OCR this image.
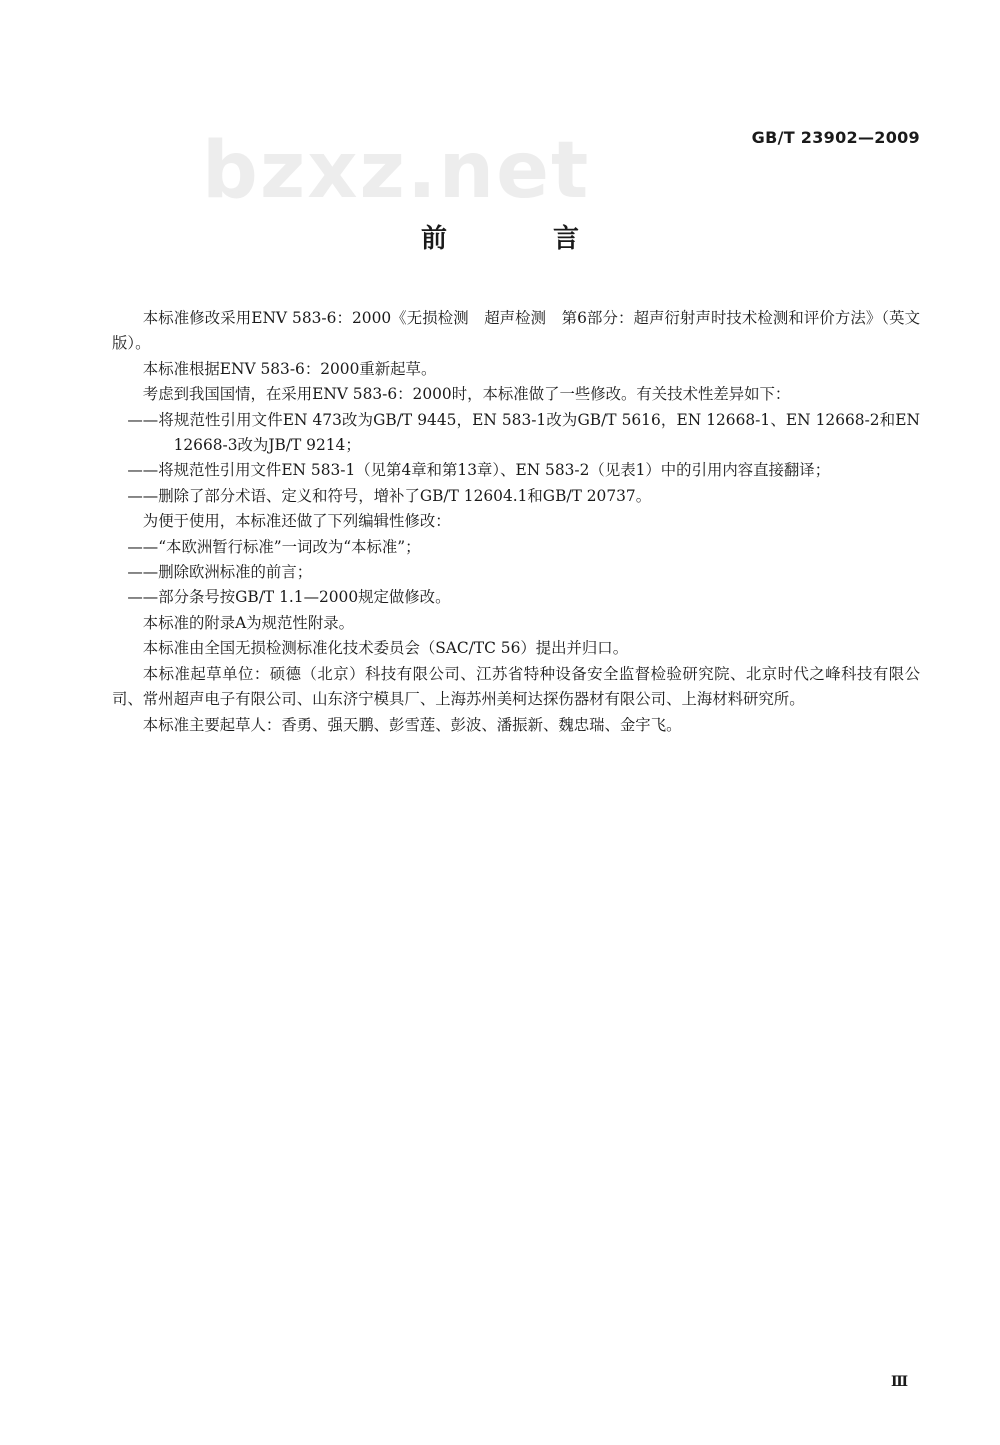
bzxz.net	GB/T 23902—2009
前　言

本标准修改采用ENV 583-6：2000《无损检测　超声检测　第6部分：超声衍射声时技术检测和评价方法》（英文版）。

本标准根据ENV 583-6：2000重新起草。

考虑到我国国情，在采用ENV 583-6：2000时，本标准做了一些修改。有关技术性差异如下：

——将规范性引用文件EN 473改为GB/T 9445，EN 583-1改为GB/T 5616，EN 12668-1、EN 12668-2和EN 12668-3改为JB/T 9214；

——将规范性引用文件EN 583-1（见第4章和第13章）、EN 583-2（见表1）中的引用内容直接翻译；

——删除了部分术语、定义和符号，增补了GB/T 12604.1和GB/T 20737。

为便于使用，本标准还做了下列编辑性修改：

——“本欧洲暂行标准”一词改为“本标准”；

——删除欧洲标准的前言；

——部分条号按GB/T 1.1—2000规定做修改。

本标准的附录A为规范性附录。

本标准由全国无损检测标准化技术委员会（SAC/TC 56）提出并归口。

本标准起草单位：硕德（北京）科技有限公司、江苏省特种设备安全监督检验研究院、北京时代之峰科技有限公司、常州超声电子有限公司、山东济宁模具厂、上海苏州美柯达探伤器材有限公司、上海材料研究所。

本标准主要起草人：香勇、强天鹏、彭雪莲、彭波、潘振新、魏忠瑞、金宇飞。

Ⅲ
